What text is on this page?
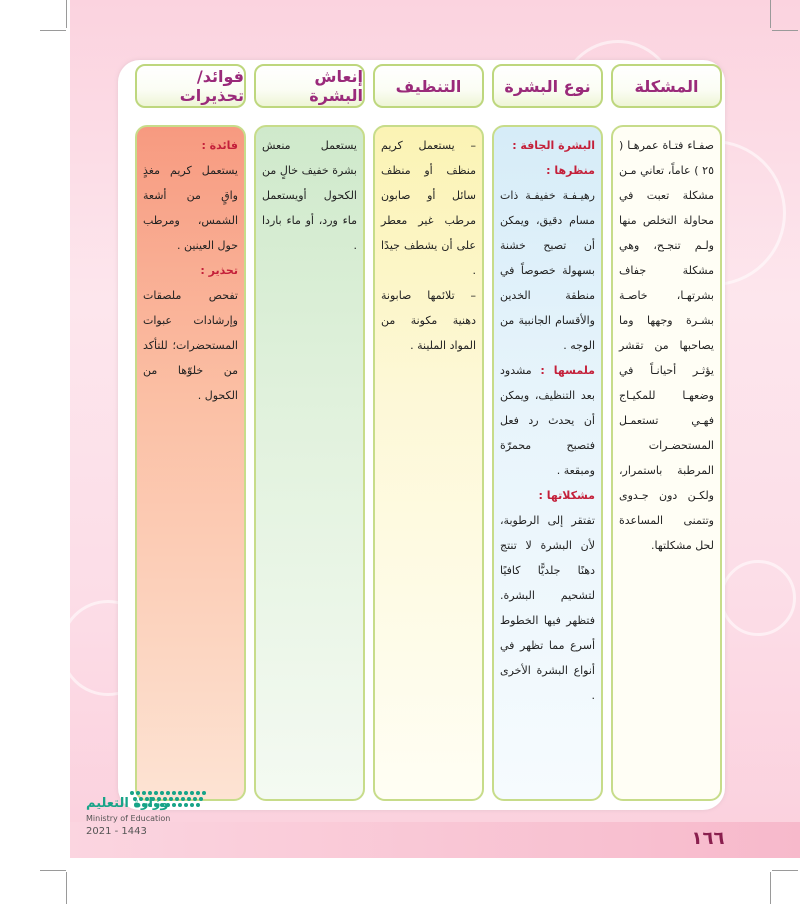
المشكلة
نوع البشرة
التنظيف
إنعاش البشرة
فوائد/ تحذيرات

صفـاء فتـاة عمرهـا ( ٢٥ ) عاماً، تعاني مـن مشكلة تعبت في محاولة التخلص منها ولـم تنجـح، وهي مشكلة جفاف بشرتهـا، خاصـة بشـرة وجهها وما يصاحبها من تقشر يؤثـر أحيانـاً في وضعهـا للمكيـاج فهـي تستعمـل المستحضـرات المرطبة باستمرار، ولكـن دون جـدوى وتتمنى المساعدة لحل مشكلتها.

البشرة الجافة :
منظرها :
رهيـفـة خفيفـة ذات مسام دقيق، ويمكن أن تصبح خشنة بسهولة خصوصاً في منطقة الخدين والأقسام الجانبية من الوجه .
ملمسها : مشدود بعد التنظيف، ويمكن أن يحدث رد فعل فتصبح محمرّة ومبقعة .
مشكلاتها :
تفتقر إلى الرطوبة، لأن البشرة لا تنتج دهنًا جلديًّا كافيًا لتشحيم البشرة. فتظهر فيها الخطوط أسرع مما تظهر في أنواع البشرة الأخرى .

– يستعمل كريم منظف أو منظف سائل أو صابون مرطب غير معطر على أن يشطف جيدًا .

– تلائمها صابونة دهنية مكونة من المواد الملينة .

يستعمل منعش بشرة خفيف خالٍ من الكحول أويستعمل ماء ورد، أو ماء باردا .

فائدة :
يستعمل كريم مغذٍ واقٍ من أشعة الشمس، ومرطب حول العينين .
تحذير :
تفحص ملصقات وإرشادات عبوات المستحضرات؛ للتأكد من خلوّها من الكحول .

وزارة التعليم
Ministry of Education
2021 - 1443	١٦٦
